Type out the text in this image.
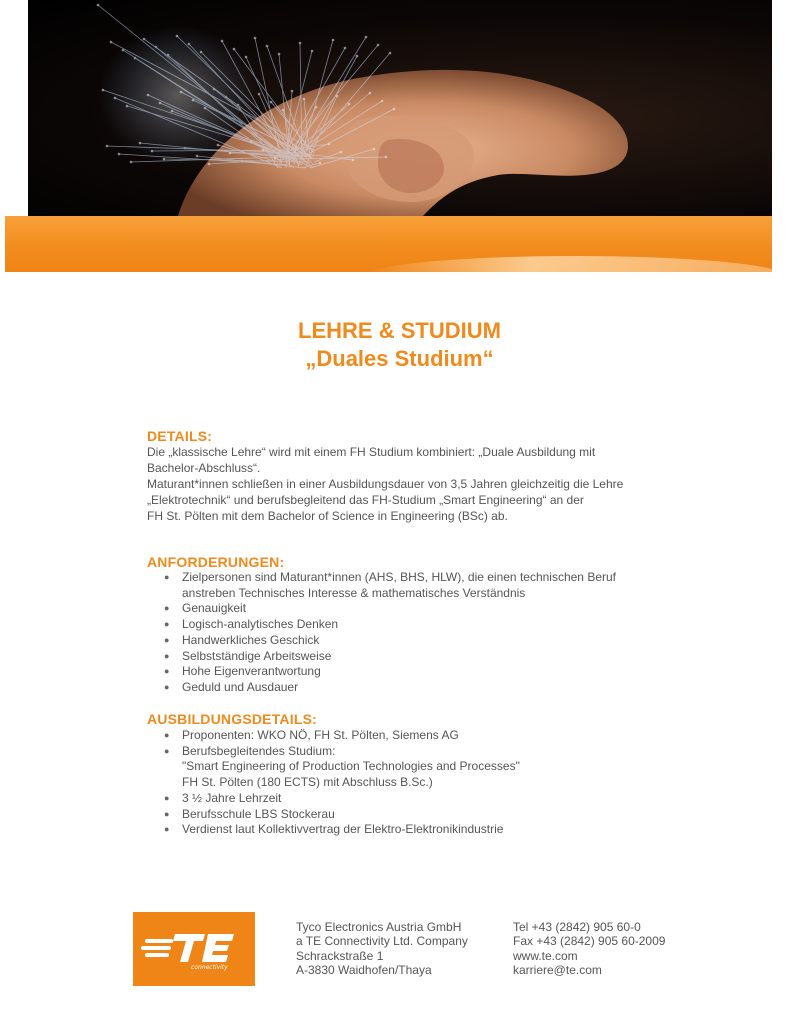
LEHRE & STUDIUM
„Duales Studium“
DETAILS:
Die „klassische Lehre“ wird mit einem FH Studium kombiniert: „Duale Ausbildung mit
Bachelor-Abschluss“.
Maturant*innen schließen in einer Ausbildungsdauer von 3,5 Jahren gleichzeitig die Lehre
„Elektrotechnik“ und berufsbegleitend das FH-Studium „Smart Engineering“ an der
FH St. Pölten mit dem Bachelor of Science in Engineering (BSc) ab.
ANFORDERUNGEN:
● Zielpersonen sind Maturant*innen (AHS, BHS, HLW), die einen technischen Beruf
anstreben Technisches Interesse & mathematisches Verständnis
● Genauigkeit
● Logisch-analytisches Denken
● Handwerkliches Geschick
● Selbstständige Arbeitsweise
● Hohe Eigenverantwortung
● Geduld und Ausdauer
AUSBILDUNGSDETAILS:
● Proponenten: WKO NÖ, FH St. Pölten, Siemens AG
● Berufsbegleitendes Studium:
"Smart Engineering of Production Technologies and Processes"
FH St. Pölten (180 ECTS) mit Abschluss B.Sc.)
● 3 ½ Jahre Lehrzeit
● Berufsschule LBS Stockerau
● Verdienst laut Kollektivvertrag der Elektro-Elektronikindustrie
connectivity
Tyco Electronics Austria GmbH
a TE Connectivity Ltd. Company
Schrackstraße 1
A-3830 Waidhofen/Thaya
Tel +43 (2842) 905 60-0
Fax +43 (2842) 905 60-2009
www.te.com
karriere@te.com
